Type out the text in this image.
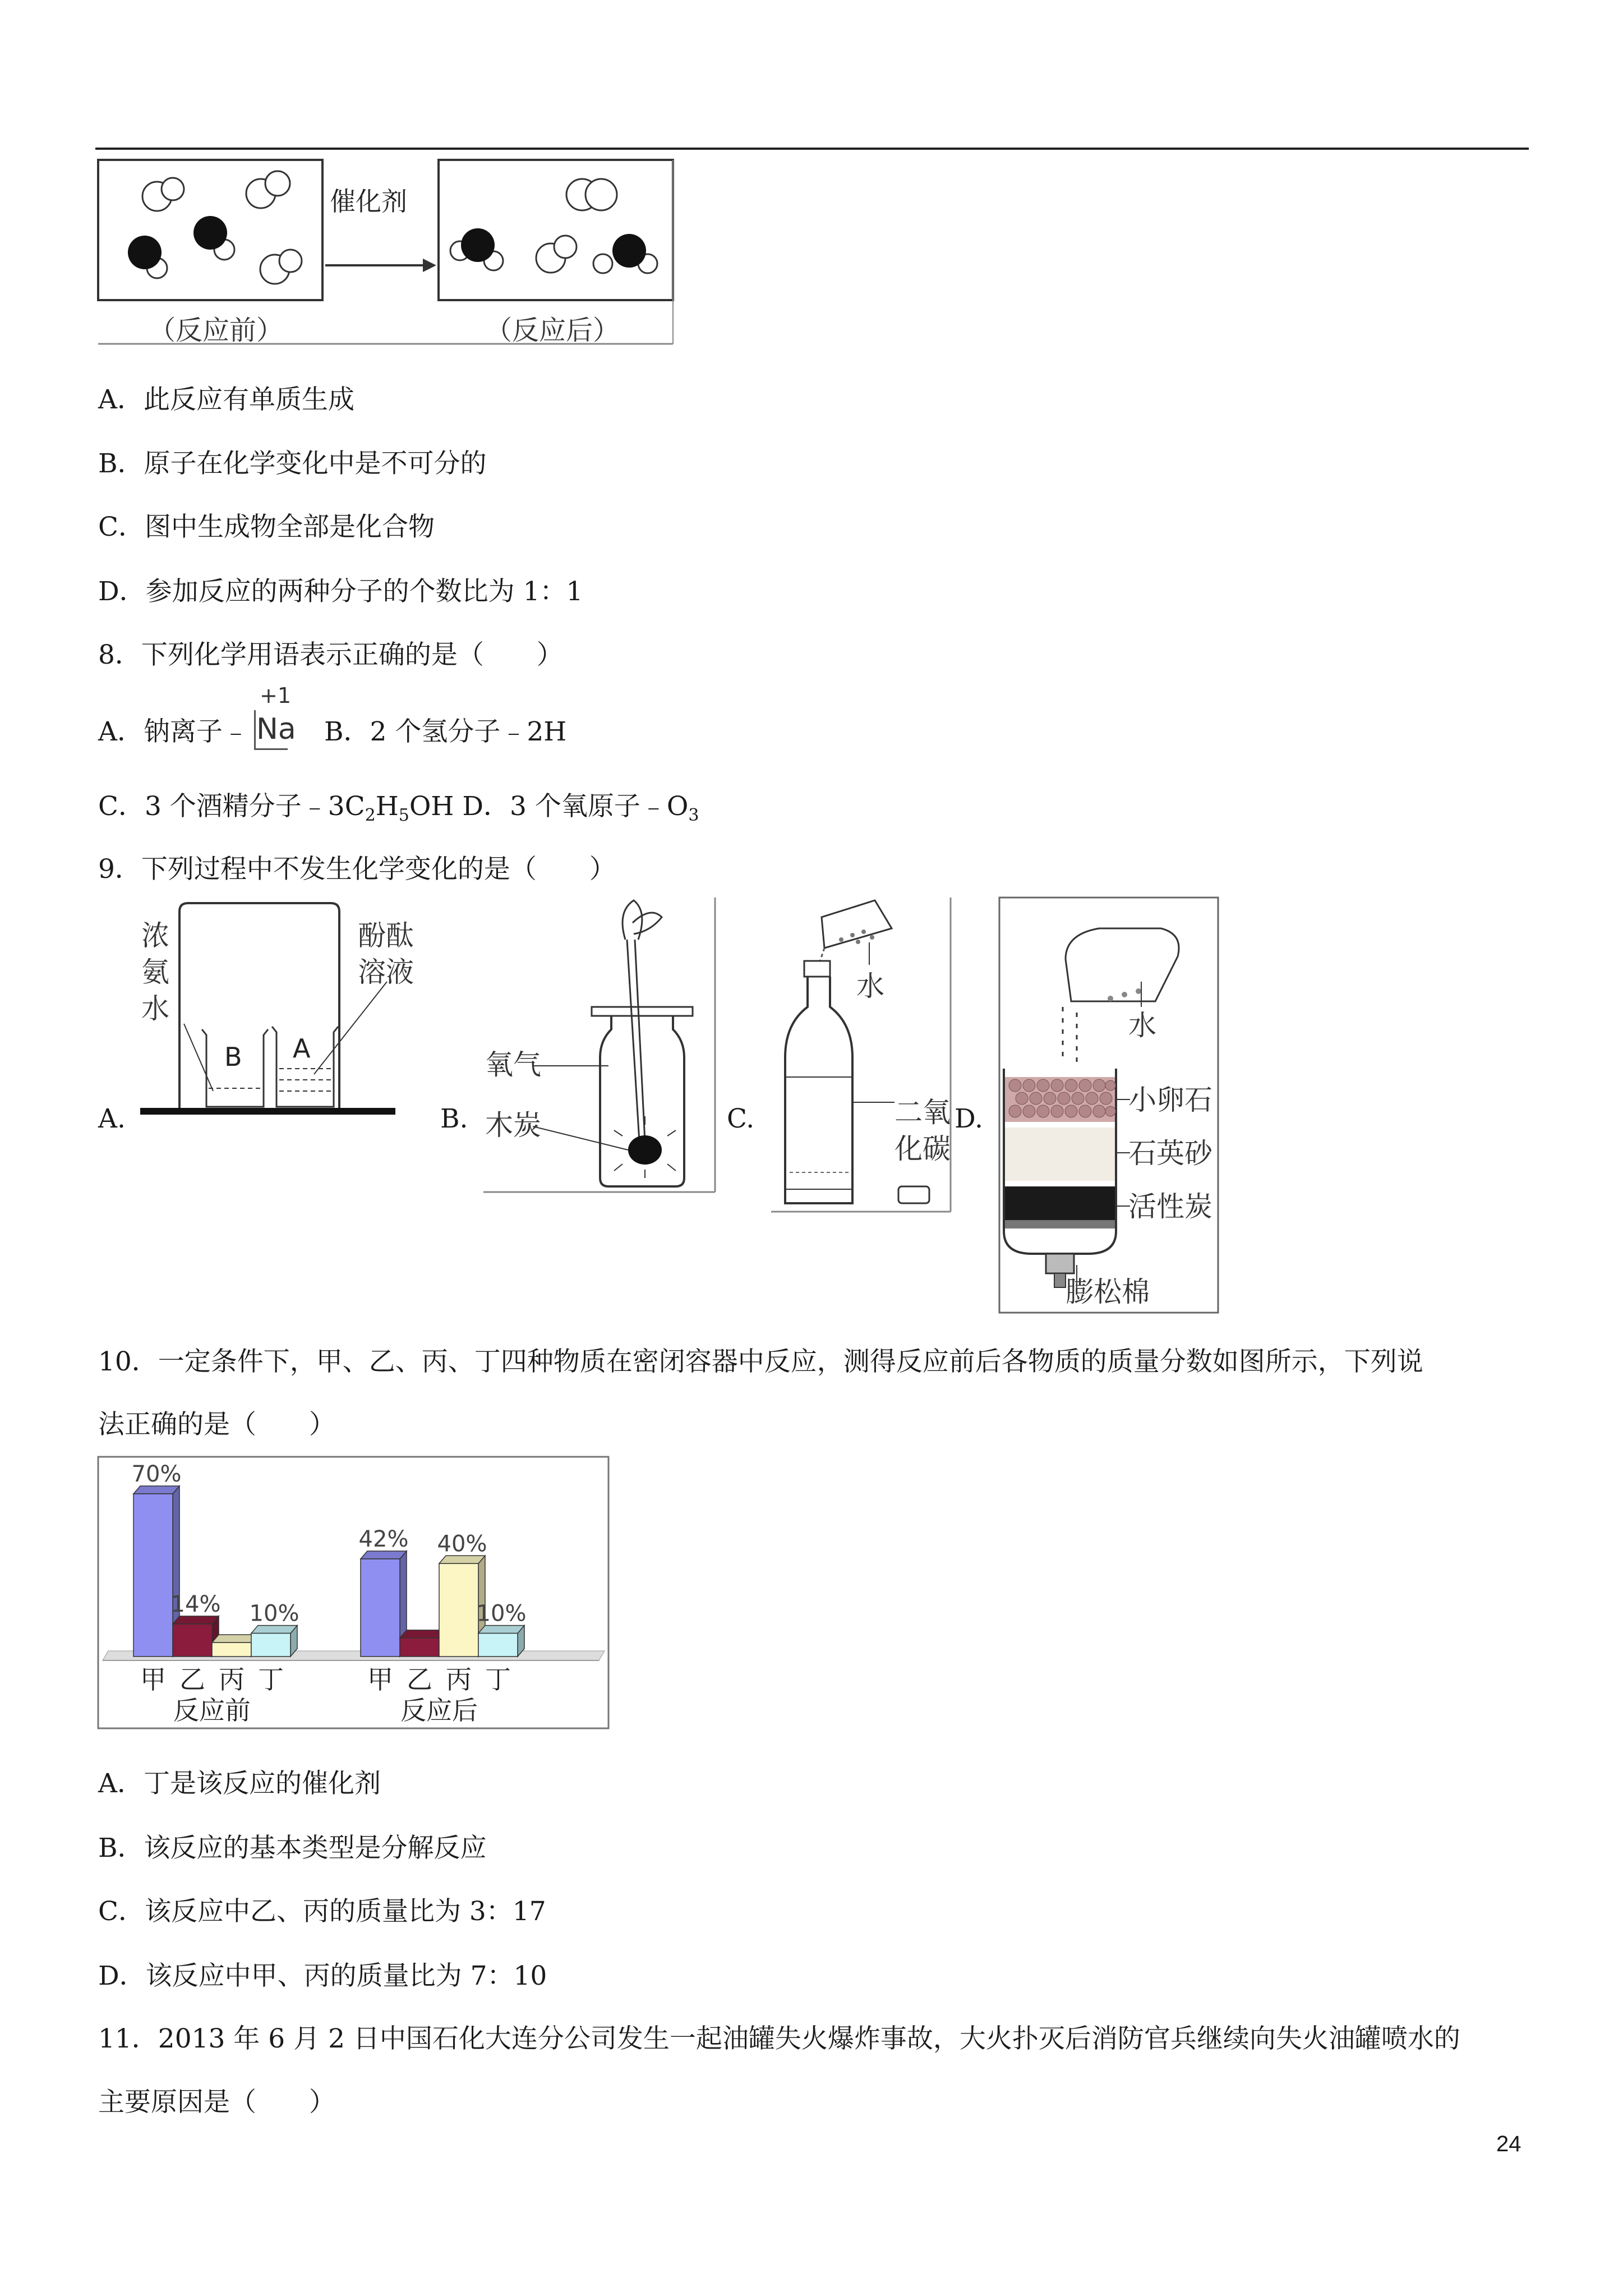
催化剂
（反应前）	（反应后）
A．此反应有单质生成
B．原子在化学变化中是不可分的
C．图中生成物全部是化合物
D．参加反应的两种分子的个数比为 1：1
8．下列化学用语表示正确的是（　　）
A．钠离子﹣
+1
Na B．2 个氢分子﹣2H
C．3 个酒精分子$﹣3C_2H_5OH$ D．3 个氧原子$﹣O_3$
9．下列过程中不发生化学变化的是（　　）
A.	B.	C.	D.
B A
浓
氨
水
酚酞
溶液
氧气
木炭
水
二氧
化碳
水
小卵石
石英砂
活性炭
膨松棉
10．一定条件下，甲、乙、丙、丁四种物质在密闭容器中反应，测得反应前后各物质的质量分数如图所示，下列说
法正确的是（　　）
70%
14% 10%
42% 40%
10%
甲 乙 丙 丁	甲 乙 丙 丁
反应前	反应后
A．丁是该反应的催化剂
B．该反应的基本类型是分解反应
C．该反应中乙、丙的质量比为 3：17
D．该反应中甲、丙的质量比为 7：10
11．2013 年 6 月 2 日中国石化大连分公司发生一起油罐失火爆炸事故，大火扑灭后消防官兵继续向失火油罐喷水的
主要原因是（　　）
24
